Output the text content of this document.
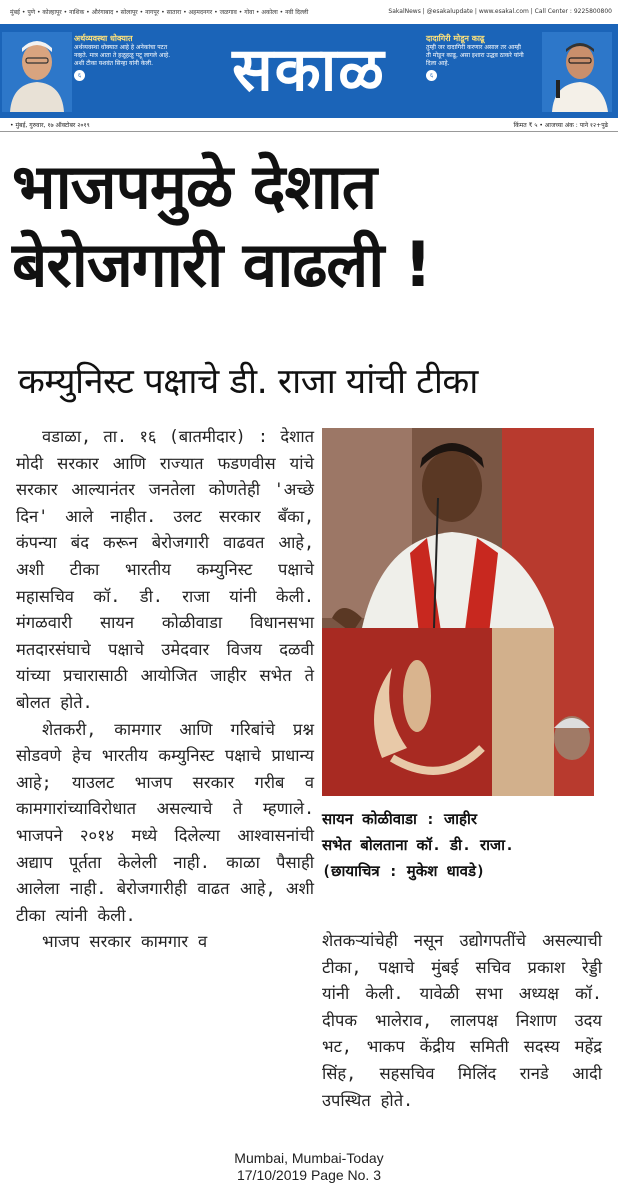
मुंबई • पुणे • कोल्हापूर • नाशिक • औरंगाबाद • सोलापूर • नागपूर • सातारा • अहमदनगर • जळगाव • गोवा • अकोला • नवी दिल्ली	SakalNews | @esakalupdate | www.esakal.com | Call Center : 9225800800
अर्थव्यवस्था धोक्यात
अर्थव्यवस्था धोक्यात आहे हे अनेकांचा पटत नव्हते. मात्र आता ते हळूहळू पटू लागले आहे. अशी टीका यशवंत सिन्हा यांनी केली.
६	सकाळ	दादागिरी मोडून काढू
तुम्ही जर दादागिरी करणार असाल तर आम्ही ती मोडून काढू, असा इशारा उद्धव ठाकरे यांनी दिला आहे.
६
• मुंबई, गुरुवार, १७ ऑक्टोबर २०१९	किंमत ₹ ५ • आजच्या अंक : पाने १२+पुढे
भाजपमुळे देशात
बेरोजगारी वाढली !
कम्युनिस्ट पक्षाचे डी. राजा यांची टीका
वडाळा, ता. १६ (बातमीदार) : देशात मोदी सरकार आणि राज्यात फडणवीस यांचे सरकार आल्यानंतर जनतेला कोणतेही 'अच्छे दिन' आले नाहीत. उलट सरकार बँका, कंपन्या बंद करून बेरोजगारी वाढवत आहे, अशी टीका भारतीय कम्युनिस्ट पक्षाचे महासचिव कॉ. डी. राजा यांनी केली. मंगळवारी सायन कोळीवाडा विधानसभा मतदारसंघाचे पक्षाचे उमेदवार विजय दळवी यांच्या प्रचारासाठी आयोजित जाहीर सभेत ते बोलत होते.
शेतकरी, कामगार आणि गरिबांचे प्रश्न सोडवणे हेच भारतीय कम्युनिस्ट पक्षाचे प्राधान्य आहे; याउलट भाजप सरकार गरीब व कामगारांच्याविरोधात असल्याचे ते म्हणाले. भाजपने २०१४ मध्ये दिलेल्या आश्वासनांची अद्याप पूर्तता केलेली नाही. काळा पैसाही आलेला नाही. बेरोजगारीही वाढत आहे, अशी टीका त्यांनी केली.
भाजप सरकार कामगार व
सायन कोळीवाडा : जाहीर
सभेत बोलताना कॉ. डी. राजा.
(छायाचित्र : मुकेश धावडे)
शेतकऱ्यांचेही नसून उद्योगपतींचे असल्याची टीका, पक्षाचे मुंबई सचिव प्रकाश रेड्डी यांनी केली. यावेळी सभा अध्यक्ष कॉ. दीपक भालेराव, लालपक्ष निशाण उदय भट, भाकप केंद्रीय समिती सदस्य महेंद्र सिंह, सहसचिव मिलिंद रानडे आदी उपस्थित होते.
Mumbai, Mumbai-Today
17/10/2019 Page No. 3
